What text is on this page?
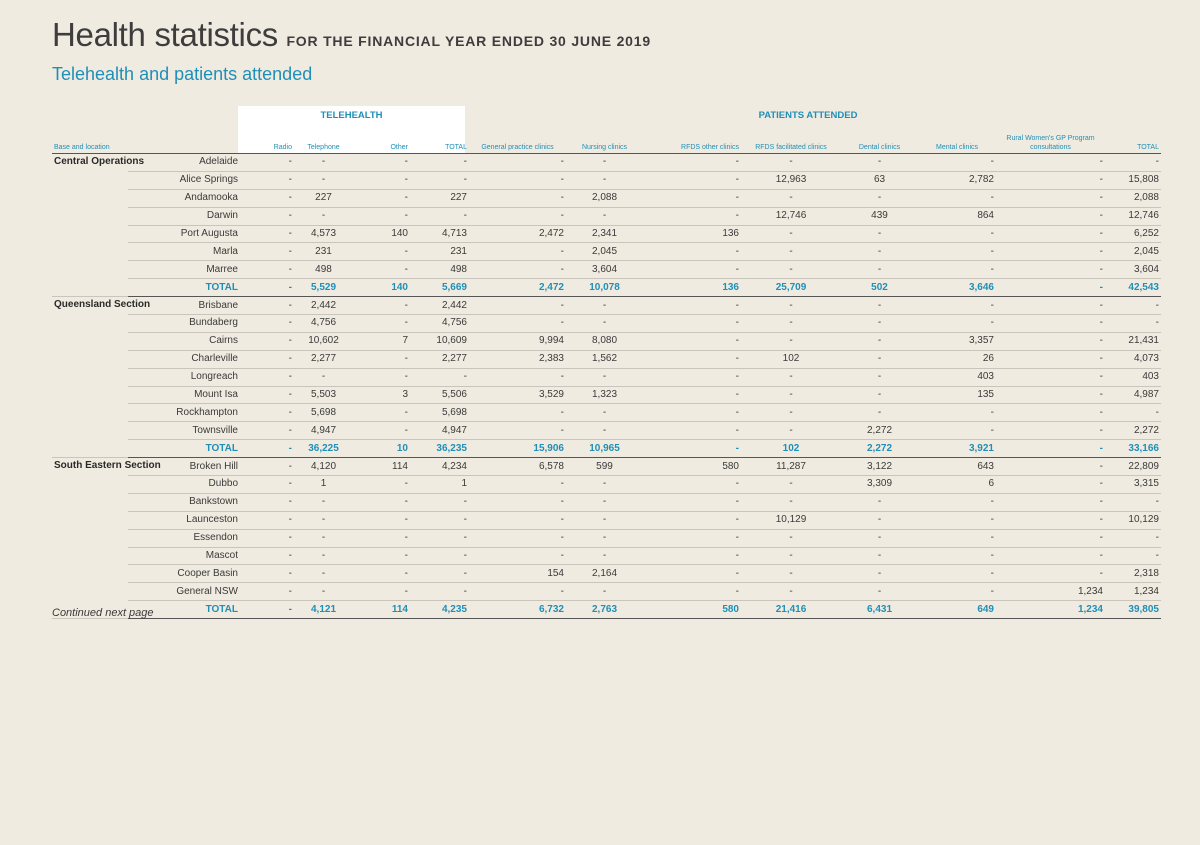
Health statistics FOR THE FINANCIAL YEAR ENDED 30 JUNE 2019
Telehealth and patients attended
TELEHEALTH	PATIENTS ATTENDED
Base and location		Radio	Telephone	Other	TOTAL	General practice clinics	Nursing clinics	RFDS other clinics	RFDS facilitated clinics	Dental clinics	Mental clinics	Rural Women's GP Program consultations	TOTAL
Central Operations	Adelaide	-	-	-	-	-	-	-	-	-	-	-	-
	Alice Springs	-	-	-	-	-	-	-	12,963	63	2,782	-	15,808
	Andamooka	-	227	-	227	-	2,088	-	-	-	-	-	2,088
	Darwin	-	-	-	-	-	-	-	12,746	439	864	-	12,746
	Port Augusta	-	4,573	140	4,713	2,472	2,341	136	-	-	-	-	6,252
	Marla	-	231	-	231	-	2,045	-	-	-	-	-	2,045
	Marree	-	498	-	498	-	3,604	-	-	-	-	-	3,604
	TOTAL	-	5,529	140	5,669	2,472	10,078	136	25,709	502	3,646	-	42,543
Queensland Section	Brisbane	-	2,442	-	2,442	-	-	-	-	-	-	-	-
	Bundaberg	-	4,756	-	4,756	-	-	-	-	-	-	-	-
	Cairns	-	10,602	7	10,609	9,994	8,080	-	-	-	3,357	-	21,431
	Charleville	-	2,277	-	2,277	2,383	1,562	-	102	-	26	-	4,073
	Longreach	-	-	-	-	-	-	-	-	-	403	-	403
	Mount Isa	-	5,503	3	5,506	3,529	1,323	-	-	-	135	-	4,987
	Rockhampton	-	5,698	-	5,698	-	-	-	-	-	-	-	-
	Townsville	-	4,947	-	4,947	-	-	-	-	2,272	-	-	2,272
	TOTAL	-	36,225	10	36,235	15,906	10,965	-	102	2,272	3,921	-	33,166
South Eastern Section	Broken Hill	-	4,120	114	4,234	6,578	599	580	11,287	3,122	643	-	22,809
	Dubbo	-	1	-	1	-	-	-	-	3,309	6	-	3,315
	Bankstown	-	-	-	-	-	-	-	-	-	-	-	-
	Launceston	-	-	-	-	-	-	-	10,129	-	-	-	10,129
	Essendon	-	-	-	-	-	-	-	-	-	-	-	-
	Mascot	-	-	-	-	-	-	-	-	-	-	-	-
	Cooper Basin	-	-	-	-	154	2,164	-	-	-	-	-	2,318
	General NSW	-	-	-	-	-	-	-	-	-	-	1,234	1,234
	TOTAL	-	4,121	114	4,235	6,732	2,763	580	21,416	6,431	649	1,234	39,805
Continued next page
